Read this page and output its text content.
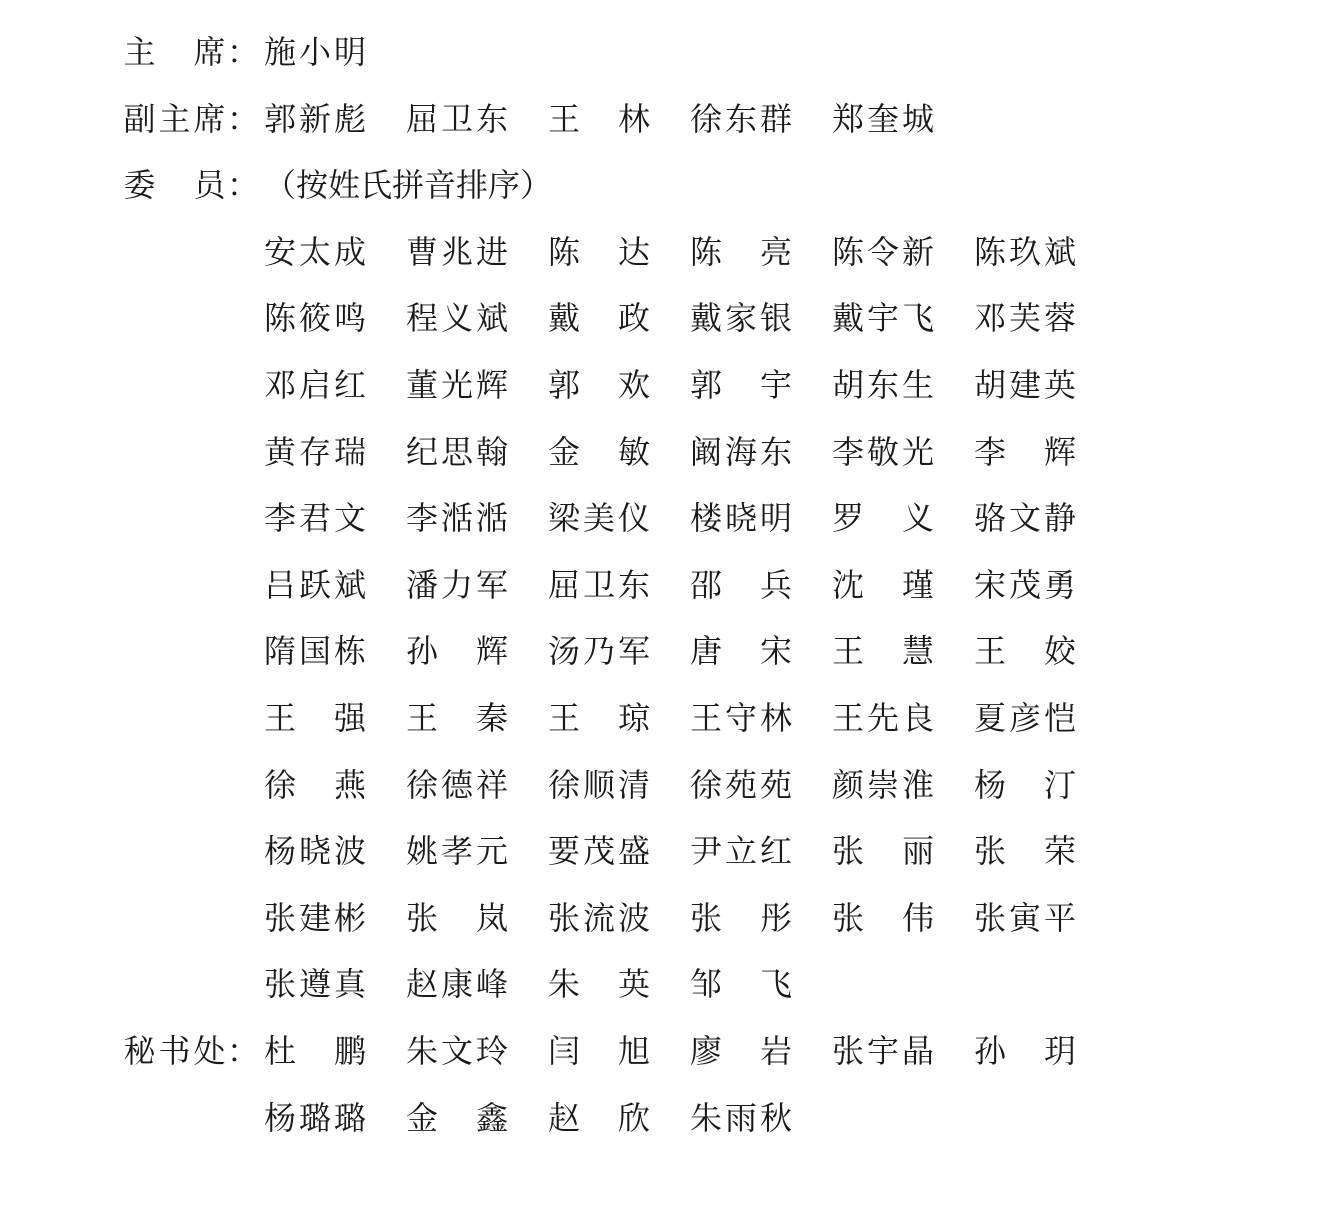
主 席： 施 小 明
副主席： 郭 新 彪 屈 卫 东 王 林 徐 东 群 郑 奎 城
委 员： （按姓氏拼音排序）
安 太 成 曹 兆 进 陈 达 陈 亮 陈 令 新 陈 玖 斌
陈 筱 鸣 程 义 斌 戴 政 戴 家 银 戴 宇 飞 邓 芙 蓉
邓 启 红 董 光 辉 郭 欢 郭 宇 胡 东 生 胡 建 英
黄 存 瑞 纪 思 翰 金 敏 阚 海 东 李 敬 光 李 辉
李 君 文 李 湉 湉 梁 美 仪 楼 晓 明 罗 义 骆 文 静
吕 跃 斌 潘 力 军 屈 卫 东 邵 兵 沈 瑾 宋 茂 勇
隋 国 栋 孙 辉 汤 乃 军 唐 宋 王 慧 王 姣
王 强 王 秦 王 琼 王 守 林 王 先 良 夏 彦 恺
徐 燕 徐 德 祥 徐 顺 清 徐 苑 苑 颜 崇 淮 杨 汀
杨 晓 波 姚 孝 元 要 茂 盛 尹 立 红 张 丽 张 荣
张 建 彬 张 岚 张 流 波 张 彤 张 伟 张 寅 平
张 遵 真 赵 康 峰 朱 英 邹 飞
秘书处： 杜 鹏 朱 文 玲 闫 旭 廖 岩 张 宇 晶 孙 玥
杨 璐 璐 金 鑫 赵 欣 朱 雨 秋
